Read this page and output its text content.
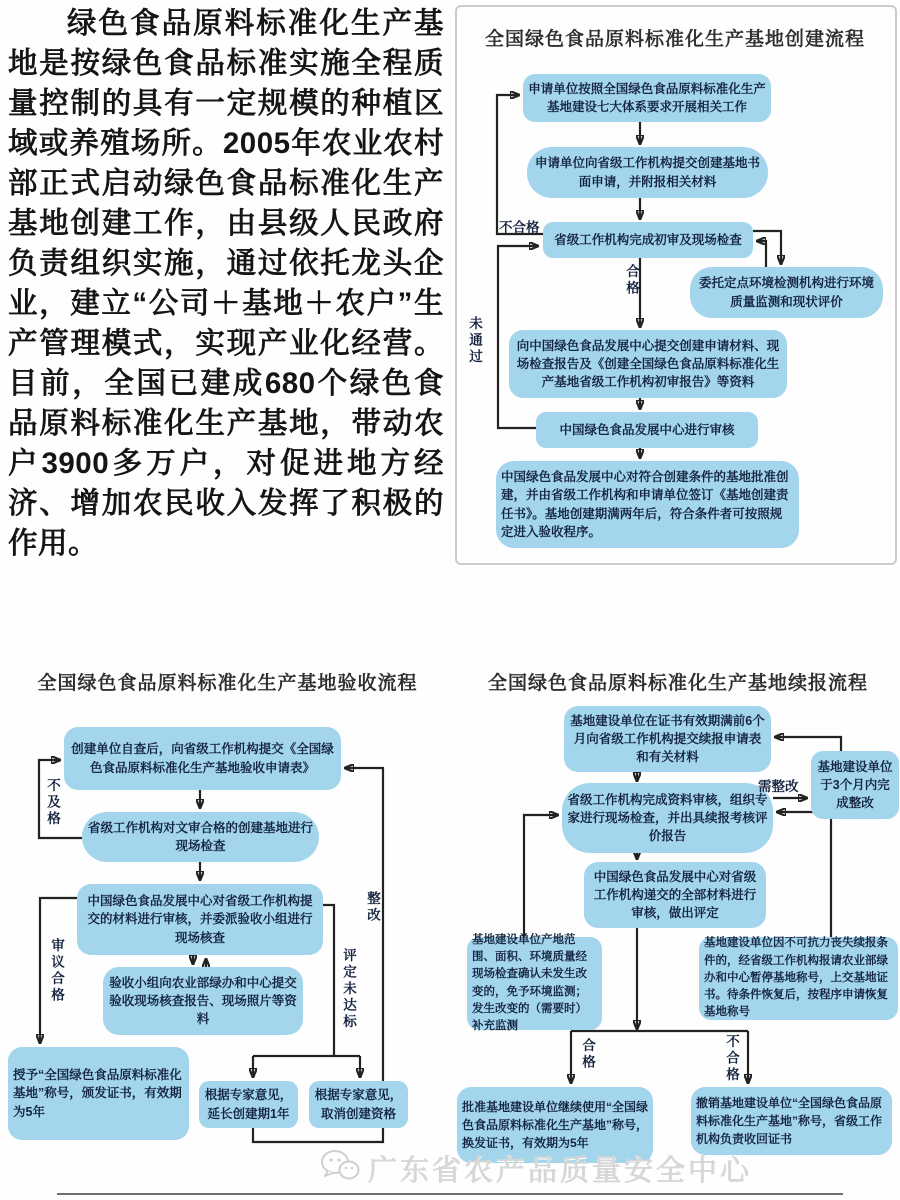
绿色食品原料标准化生产基地是按绿色食品标准实施全程质量控制的具有一定规模的种植区域或养殖场所。2005年农业农村部正式启动绿色食品标准化生产基地创建工作，由县级人民政府负责组织实施，通过依托龙头企业，建立“公司＋基地＋农户”生产管理模式，实现产业化经营。目前，全国已建成680个绿色食品原料标准化生产基地，带动农户3900多万户，对促进地方经济、增加农民收入发挥了积极的作用。
全国绿色食品原料标准化生产基地创建流程
申请单位按照全国绿色食品原料标准化生产基地建设七大体系要求开展相关工作
申请单位向省级工作机构提交创建基地书面申请，并附报相关材料
省级工作机构完成初审及现场检查
委托定点环境检测机构进行环境质量监测和现状评价
向中国绿色食品发展中心提交创建申请材料、现场检查报告及《创建全国绿色食品原料标准化生产基地省级工作机构初审报告》等资料
中国绿色食品发展中心进行审核
中国绿色食品发展中心对符合创建条件的基地批准创建，并由省级工作机构和申请单位签订《基地创建责任书》。基地创建期满两年后，符合条件者可按照规定进入验收程序。
不合格
合格
未通过
全国绿色食品原料标准化生产基地验收流程
创建单位自查后，向省级工作机构提交《全国绿色食品原料标准化生产基地验收申请表》
省级工作机构对文审合格的创建基地进行现场检查
中国绿色食品发展中心对省级工作机构提交的材料进行审核，并委派验收小组进行现场核查
验收小组向农业部绿办和中心提交验收现场核查报告、现场照片等资料
授予“全国绿色食品原料标准化基地”称号，颁发证书，有效期为5年
根据专家意见，延长创建期1年
根据专家意见，取消创建资格
不及格
审议合格	评定未达标
整改
全国绿色食品原料标准化生产基地续报流程
基地建设单位在证书有效期满前6个月向省级工作机构提交续报申请表和有关材料
省级工作机构完成资料审核，组织专家进行现场检查，并出具续报考核评价报告
基地建设单位于3个月内完成整改
中国绿色食品发展中心对省级工作机构递交的全部材料进行审核，做出评定
基地建设单位产地范围、面积、环境质量经现场检查确认未发生改变的，免予环境监测；发生改变的（需要时）补充监测
基地建设单位因不可抗力丧失续报条件的，经省级工作机构报请农业部绿办和中心暂停基地称号，上交基地证书。待条件恢复后，按程序申请恢复基地称号
批准基地建设单位继续使用“全国绿色食品原料标准化生产基地”称号，换发证书，有效期为5年
撤销基地建设单位“全国绿色食品原料标准化生产基地”称号，省级工作机构负责收回证书
需整改
合格	不合格
广东省农产品质量安全中心
